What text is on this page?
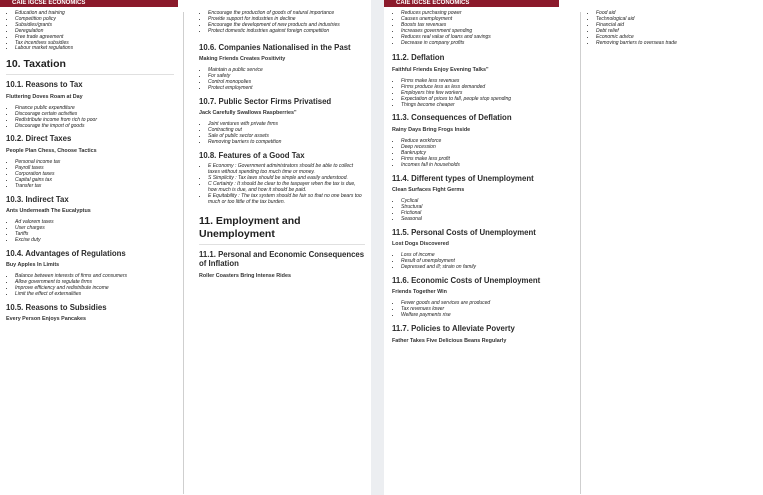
CAIE IGCSE ECONOMICS
• Education and training
• Competition policy
• Subsidies/grants
• Deregulation
• Free trade agreement
• Tax incentives subsidies
• Labour market regulations
10. Taxation
10.1. Reasons to Tax
Fluttering Doves Roam at Day
• Finance public expenditure
• Discourage certain activities
• Redistribute income from rich to poor
• Discourage the import of goods
10.2. Direct Taxes
People Plan Chess, Choose Tactics
• Personal income tax
• Payroll taxes
• Corporation taxes
• Capital gains tax
• Transfer tax
10.3. Indirect Tax
Ants Underneath The Eucalyptus
• Ad valorem taxes
• User charges
• Tariffs
• Excise duty
10.4. Advantages of Regulations
Buy Apples In Limits
• Balance between interests of firms and consumers
• Allow government to regulate firms
• Improve efficiency and redistribute income
• Limit the effect of externalities
10.5. Reasons to Subsidies
Every Person Enjoys Pancakes
• Encourage the production of goods of natural importance
• Provide support for industries in decline
• Encourage the development of new products and industries
• Protect domestic industries against foreign competition
10.6. Companies Nationalised in the Past
Making Friends Creates Positivity
• Maintain a public service
• For safety
• Control monopolies
• Protect employment
10.7. Public Sector Firms Privatised
Jack Carefully Swallows Raspberries"
• Joint ventures with private firms
• Contracting out
• Sale of public sector assets
• Removing barriers to competition
10.8. Features of a Good Tax
• E Economy : Government administrators should be able to collect taxes without spending too much time or money.
• S Simplicity : Tax laws should be simple and easily understood.
• C Certainty : It should be clear to the taxpayer when the tax is due, how much is due, and how it should be paid.
• E Equitability : The tax system should be fair so that no one bears too much or too little of the tax burden.
11. Employment and Unemployment
11.1. Personal and Economic Consequences of Inflation
Roller Coasters Bring Intense Rides
CAIE IGCSE ECONOMICS
• Reduces purchasing power
• Causes unemployment
• Boosts tax revenues
• Increases government spending
• Reduces real value of loans and savings
• Decrease in company profits
11.2. Deflation
Faithful Friends Enjoy Evening Talks"
• Firms make less revenues
• Firms produce less as less demanded
• Employers hire few workers
• Expectation of prices to fall, people stop spending
• Things become cheaper
11.3. Consequences of Deflation
Rainy Days Bring Frogs Inside
• Reduce workforce
• Deep recession
• Bankruptcy
• Firms make less profit
• Incomes fall in households
11.4. Different types of Unemployment
Clean Surfaces Fight Germs
• Cyclical
• Structural
• Frictional
• Seasonal
11.5. Personal Costs of Unemployment
Lost Dogs Discovered
• Loss of income
• Result of unemployment
• Depressed and ill; strain on family
11.6. Economic Costs of Unemployment
Friends Together Win
• Fewer goods and services are produced
• Tax revenues lower
• Welfare payments rise
11.7. Policies to Alleviate Poverty
Father Takes Five Delicious Beans Regularly
• Food aid
• Technological aid
• Financial aid
• Debt relief
• Economic advice
• Removing barriers to overseas trade
